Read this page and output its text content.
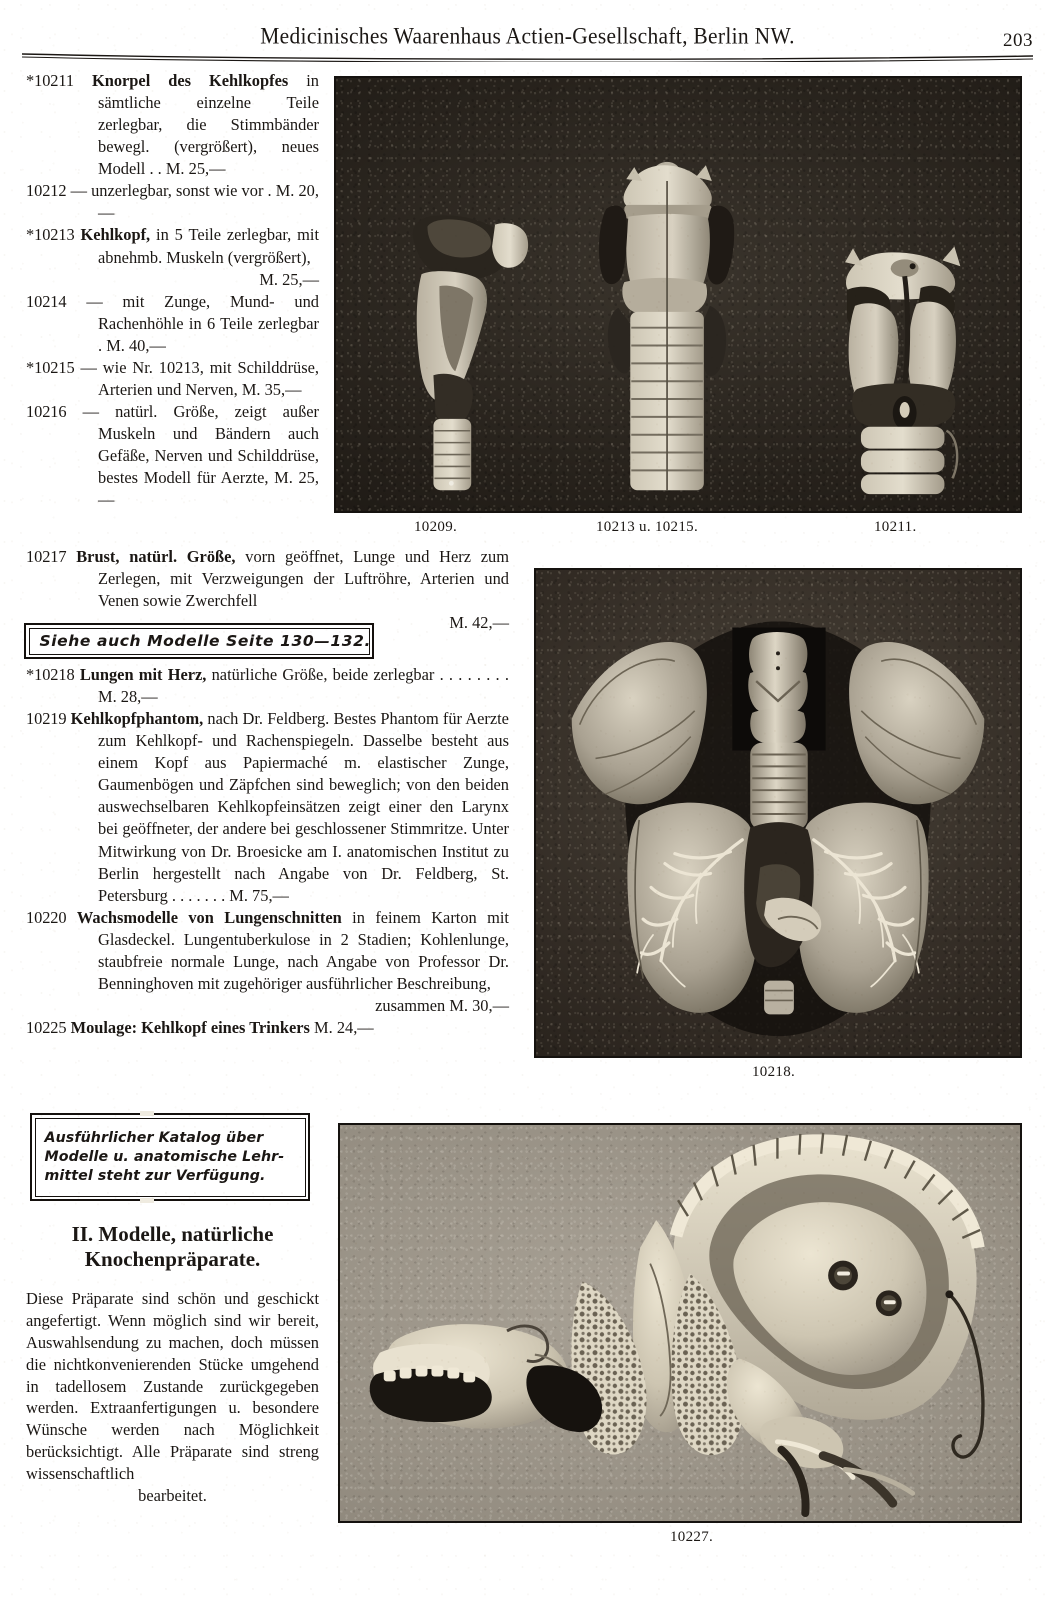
Medicinisches Waarenhaus Actien-Gesellschaft, Berlin NW.	203

*10211 Knorpel des Kehlkopfes in sämtliche einzelne Teile zerlegbar, die Stimmbänder bewegl. (vergrößert), neues Modell . . M. 25,—

10212 — unzerlegbar, sonst wie vor . M. 20,—

*10213 Kehlkopf, in 5 Teile zerlegbar, mit abnehmb. Muskeln (vergrößert),
M. 25,—

10214 — mit Zunge, Mund- und Rachenhöhle in 6 Teile zerlegbar . M. 40,—

*10215 — wie Nr. 10213, mit Schilddrüse, Arterien und Nerven, M. 35,—

10216 — natürl. Größe, zeigt außer Muskeln und Bändern auch Gefäße, Nerven und Schilddrüse, bestes Modell für Aerzte, M. 25,—

10217 Brust, natürl. Größe, vorn geöffnet, Lunge und Herz zum Zerlegen, mit Verzweigungen der Luftröhre, Arterien und Venen sowie Zwerchfell
M. 42,—

Siehe auch Modelle Seite 130—132.

*10218 Lungen mit Herz, natürliche Größe, beide zerlegbar . . . . . . . . M. 28,—

10219 Kehlkopfphantom, nach Dr. Feldberg. Bestes Phantom für Aerzte zum Kehlkopf- und Rachenspiegeln. Dasselbe besteht aus einem Kopf aus Papiermaché m. elastischer Zunge, Gaumenbögen und Zäpfchen sind beweglich; von den beiden auswechselbaren Kehlkopfeinsätzen zeigt einer den Larynx bei geöffneter, der andere bei geschlossener Stimmritze. Unter Mitwirkung von Dr. Broesicke am I. anatomischen Institut zu Berlin hergestellt nach Angabe von Dr. Feldberg, St. Petersburg . . . . . . . M. 75,—

10220 Wachsmodelle von Lungenschnitten in feinem Karton mit Glasdeckel. Lungentuberkulose in 2 Stadien; Kohlenlunge, staubfreie normale Lunge, nach Angabe von Professor Dr. Benninghoven mit zugehöriger ausführlicher Beschreibung,
zusammen M. 30,—

10225 Moulage: Kehlkopf eines Trinkers M. 24,—

Ausführlicher Katalog über
Modelle u. anatomische Lehr-
mittel steht zur Verfügung.
II. Modelle, natürliche
Knochenpräparate.
Diese Präparate sind schön und geschickt angefertigt. Wenn möglich sind wir bereit, Auswahlsendung zu machen, doch müssen die nichtkonvenierenden Stücke umgehend in tadellosem Zustande zurückgegeben werden. Extraanfertigungen u. besondere Wünsche werden nach Möglichkeit berücksichtigt. Alle Präparate sind streng wissenschaftlich
bearbeitet.
10209.	10213 u. 10215.	10211.
10218.
10227.
